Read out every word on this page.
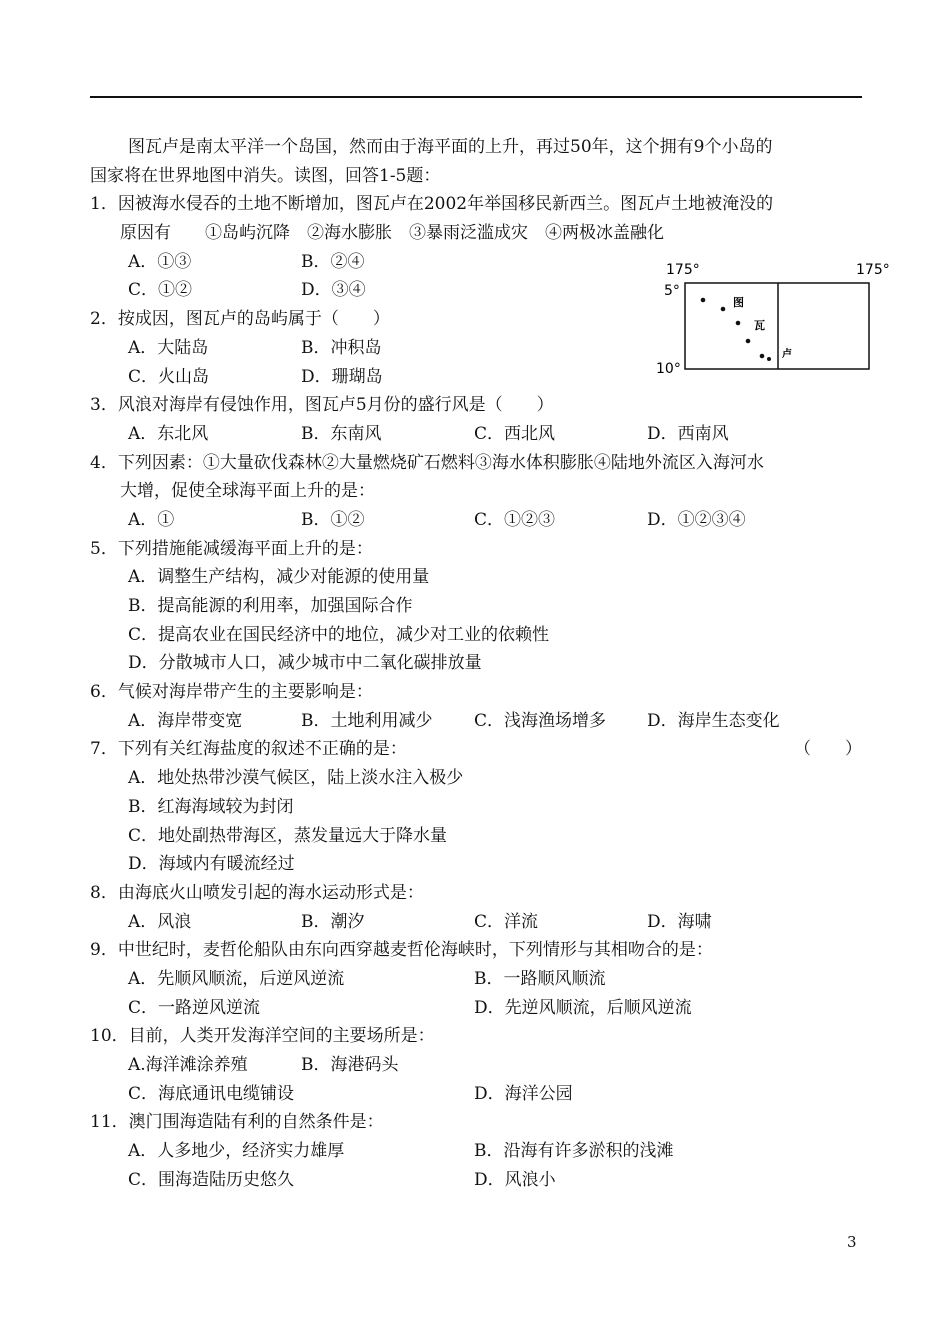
图瓦卢是南太平洋一个岛国，然而由于海平面的上升，再过50年，这个拥有9个小岛的
国家将在世界地图中消失。读图，回答1-5题：
1．因被海水侵吞的土地不断增加，图瓦卢在2002年举国移民新西兰。图瓦卢土地被淹没的
原因有　　①岛屿沉降　②海水膨胀　③暴雨泛滥成灾　④两极冰盖融化
A．①③	B．②④
C．①②	D．③④
2．按成因，图瓦卢的岛屿属于（　　）
A．大陆岛	B．冲积岛
C．火山岛	D．珊瑚岛
3．风浪对海岸有侵蚀作用，图瓦卢5月份的盛行风是（　　）
A．东北风	B．东南风	C．西北风	D．西南风
4．下列因素：①大量砍伐森林②大量燃烧矿石燃料③海水体积膨胀④陆地外流区入海河水
大增，促使全球海平面上升的是：
A．①	B．①②	C．①②③	D．①②③④
5．下列措施能减缓海平面上升的是：
A．调整生产结构，减少对能源的使用量
B．提高能源的利用率，加强国际合作
C．提高农业在国民经济中的地位，减少对工业的依赖性
D．分散城市人口，减少城市中二氧化碳排放量
6．气候对海岸带产生的主要影响是：
A．海岸带变宽	B．土地利用减少 C．浅海渔场增多 D．海岸生态变化
7．下列有关红海盐度的叙述不正确的是：	（　　）
A．地处热带沙漠气候区，陆上淡水注入极少
B．红海海域较为封闭
C．地处副热带海区，蒸发量远大于降水量
D．海域内有暖流经过
8．由海底火山喷发引起的海水运动形式是：
A．风浪	B．潮汐	C．洋流	D．海啸
9．中世纪时，麦哲伦船队由东向西穿越麦哲伦海峡时，下列情形与其相吻合的是：
A．先顺风顺流，后逆风逆流	B．一路顺风顺流
C．一路逆风逆流	D．先逆风顺流，后顺风逆流
10．目前，人类开发海洋空间的主要场所是：
A.海洋滩涂养殖	B．海港码头
C．海底通讯电缆铺设	D．海洋公园
11．澳门围海造陆有利的自然条件是：
A．人多地少，经济实力雄厚	B．沿海有许多淤积的浅滩
C．围海造陆历史悠久	D．风浪小
175°	175°
5°
10°
图
瓦
卢
3
